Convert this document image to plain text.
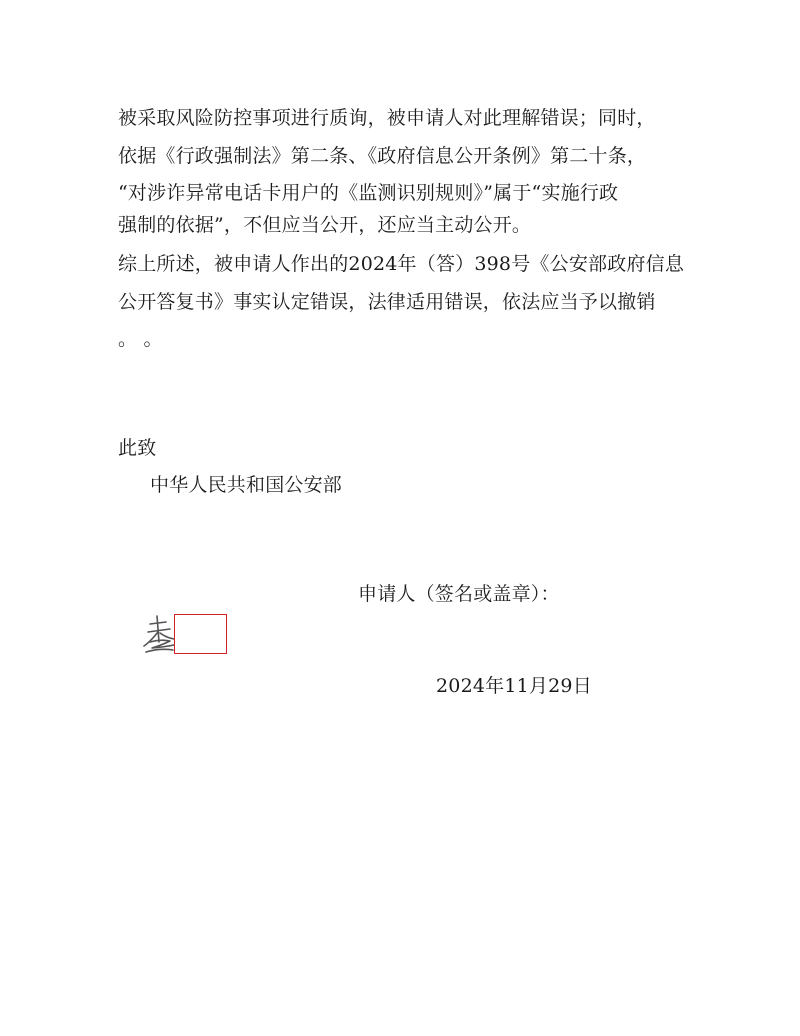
被采取风险防控事项进行质询，被申请人对此理解错误；同时，
依据《行政强制法》第二条、《政府信息公开条例》第二十条，
“对涉诈异常电话卡用户的《监测识别规则》”属于“实施行政
强制的依据”，不但应当公开，还应当主动公开。
综上所述，被申请人作出的2024年（答）398号《公安部政府信息
公开答复书》事实认定错误，法律适用错误，依法应当予以撤销
。 。
此致
中华人民共和国公安部
申请人（签名或盖章）：
2024年11月29日
